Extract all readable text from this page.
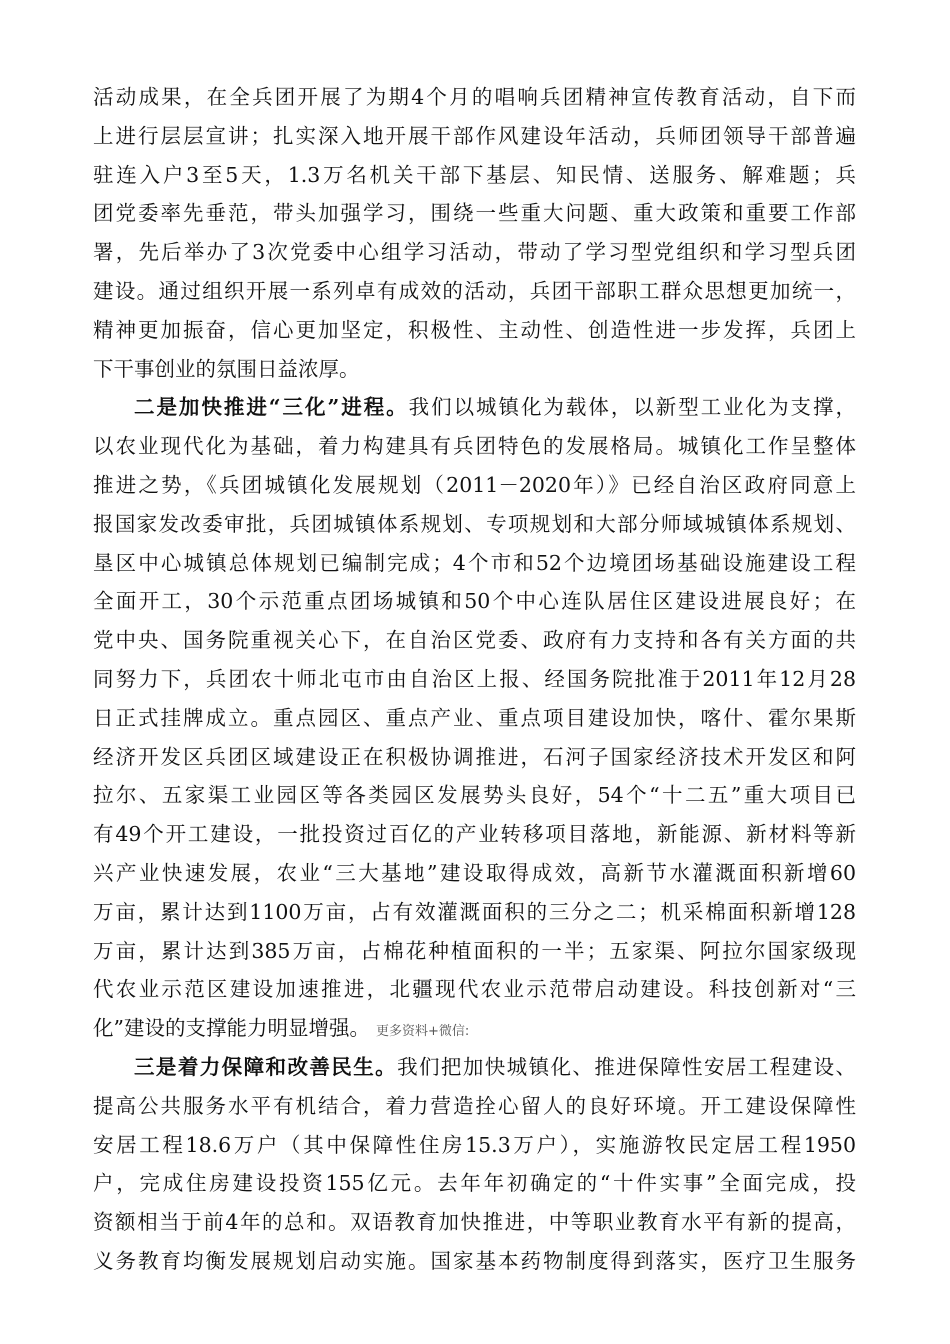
活动成果，在全兵团开展了为期4个月的唱响兵团精神宣传教育活动，自下而
上进行层层宣讲；扎实深入地开展干部作风建设年活动，兵师团领导干部普遍
驻连入户3至5天，1.3万名机关干部下基层、知民情、送服务、解难题；兵
团党委率先垂范，带头加强学习，围绕一些重大问题、重大政策和重要工作部
署，先后举办了3次党委中心组学习活动，带动了学习型党组织和学习型兵团
建设。通过组织开展一系列卓有成效的活动，兵团干部职工群众思想更加统一，
精神更加振奋，信心更加坚定，积极性、主动性、创造性进一步发挥，兵团上
下干事创业的氛围日益浓厚。
二是加快推进“三化”进程。我们以城镇化为载体，以新型工业化为支撑，
以农业现代化为基础，着力构建具有兵团特色的发展格局。城镇化工作呈整体
推进之势，《兵团城镇化发展规划（2011－2020年）》已经自治区政府同意上
报国家发改委审批，兵团城镇体系规划、专项规划和大部分师域城镇体系规划、
垦区中心城镇总体规划已编制完成；4个市和52个边境团场基础设施建设工程
全面开工，30个示范重点团场城镇和50个中心连队居住区建设进展良好；在
党中央、国务院重视关心下，在自治区党委、政府有力支持和各有关方面的共
同努力下，兵团农十师北屯市由自治区上报、经国务院批准于2011年12月28
日正式挂牌成立。重点园区、重点产业、重点项目建设加快，喀什、霍尔果斯
经济开发区兵团区域建设正在积极协调推进，石河子国家经济技术开发区和阿
拉尔、五家渠工业园区等各类园区发展势头良好，54个“十二五”重大项目已
有49个开工建设，一批投资过百亿的产业转移项目落地，新能源、新材料等新
兴产业快速发展，农业“三大基地”建设取得成效，高新节水灌溉面积新增60
万亩，累计达到1100万亩，占有效灌溉面积的三分之二；机采棉面积新增128
万亩，累计达到385万亩，占棉花种植面积的一半；五家渠、阿拉尔国家级现
代农业示范区建设加速推进，北疆现代农业示范带启动建设。科技创新对“三
化”建设的支撑能力明显增强。 更多资料+微信:
三是着力保障和改善民生。我们把加快城镇化、推进保障性安居工程建设、
提高公共服务水平有机结合，着力营造拴心留人的良好环境。开工建设保障性
安居工程18.6万户（其中保障性住房15.3万户），实施游牧民定居工程1950
户，完成住房建设投资155亿元。去年年初确定的“十件实事”全面完成，投
资额相当于前4年的总和。双语教育加快推进，中等职业教育水平有新的提高，
义务教育均衡发展规划启动实施。国家基本药物制度得到落实，医疗卫生服务
